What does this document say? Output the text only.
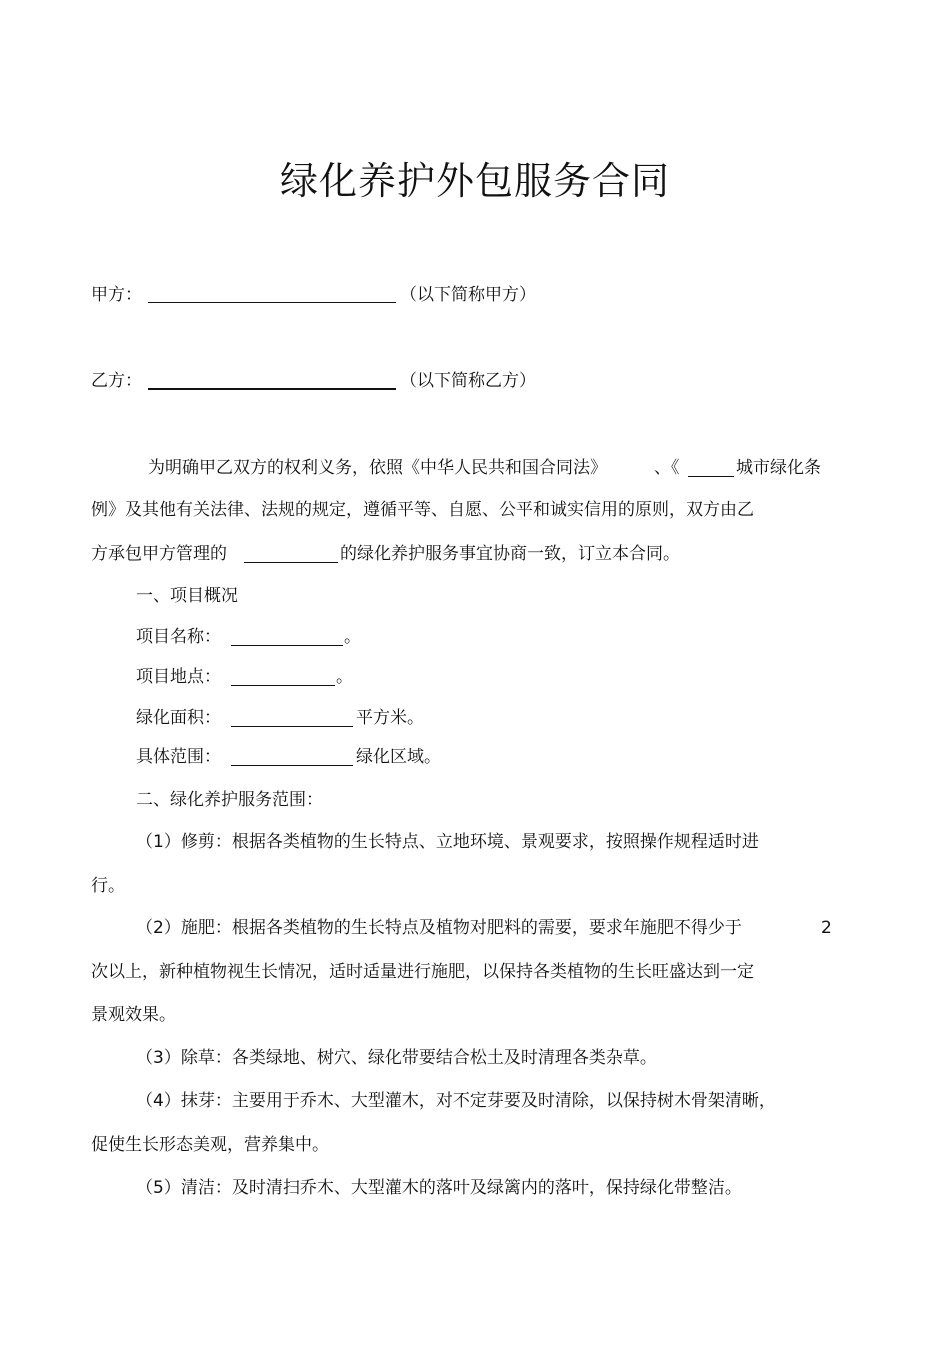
绿化养护外包服务合同
甲方：	（以下简称甲方）
乙方：	（以下简称乙方）
为明确甲乙双方的权利义务，依照《中华人民共和国合同法》	、《	城市绿化条
例》及其他有关法律、法规的规定，遵循平等、自愿、公平和诚实信用的原则，双方由乙
方承包甲方管理的	的绿化养护服务事宜协商一致，订立本合同。
一、项目概况
项目名称：	。
项目地点：	。
绿化面积：	平方米。
具体范围：	绿化区域。
二、绿化养护服务范围：
（1）修剪：根据各类植物的生长特点、立地环境、景观要求，按照操作规程适时进
行。
（2）施肥：根据各类植物的生长特点及植物对肥料的需要，要求年施肥不得少于	2
次以上，新种植物视生长情况，适时适量进行施肥，以保持各类植物的生长旺盛达到一定
景观效果。
（3）除草：各类绿地、树穴、绿化带要结合松土及时清理各类杂草。
（4）抹芽：主要用于乔木、大型灌木，对不定芽要及时清除，以保持树木骨架清晰，
促使生长形态美观，营养集中。
（5）清洁：及时清扫乔木、大型灌木的落叶及绿篱内的落叶，保持绿化带整洁。
